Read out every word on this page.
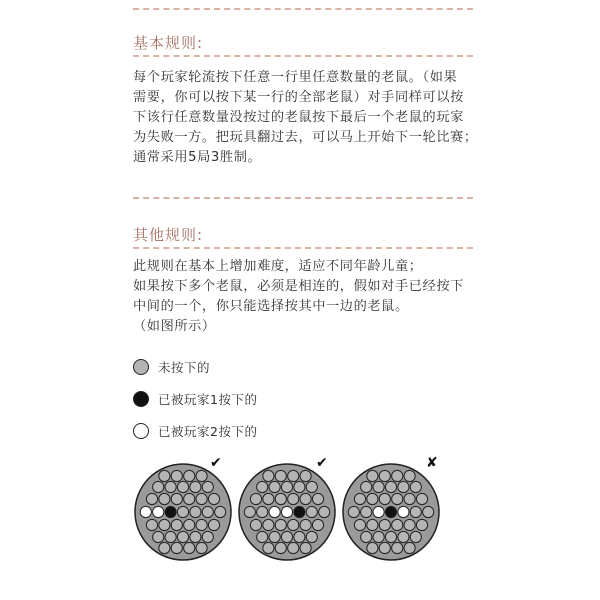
基本规则:

每个玩家轮流按下任意一行里任意数量的老鼠。（如果

需要，你可以按下某一行的全部老鼠）对手同样可以按

下该行任意数量没按过的老鼠按下最后一个老鼠的玩家

为失败一方。把玩具翻过去，可以马上开始下一轮比赛；

通常采用5局3胜制。

其他规则:

此规则在基本上增加难度，适应不同年龄儿童；

如果按下多个老鼠，必须是相连的，假如对手已经按下

中间的一个，你只能选择按其中一边的老鼠。

（如图所示）

未按下的
已被玩家1按下的
已被玩家2按下的
✔	✔	✘
